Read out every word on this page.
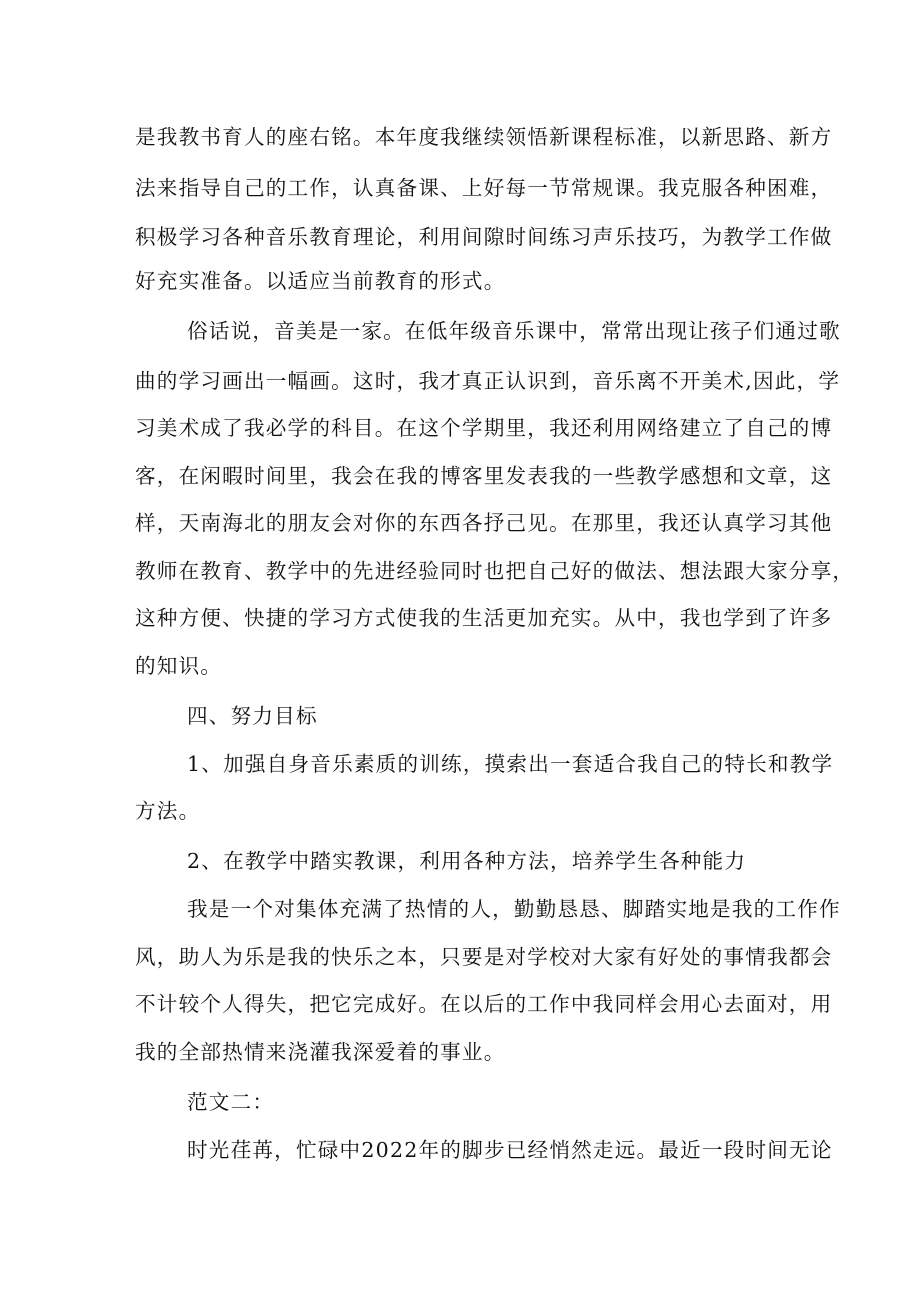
是我教书育人的座右铭。本年度我继续领悟新课程标准，以新思路、新方
法来指导自己的工作，认真备课、上好每一节常规课。我克服各种困难，
积极学习各种音乐教育理论，利用间隙时间练习声乐技巧，为教学工作做
好充实准备。以适应当前教育的形式。
俗话说，音美是一家。在低年级音乐课中，常常出现让孩子们通过歌
曲的学习画出一幅画。这时，我才真正认识到，音乐离不开美术,因此，学
习美术成了我必学的科目。在这个学期里，我还利用网络建立了自己的博
客，在闲暇时间里，我会在我的博客里发表我的一些教学感想和文章，这
样，天南海北的朋友会对你的东西各抒己见。在那里，我还认真学习其他
教师在教育、教学中的先进经验同时也把自己好的做法、想法跟大家分享，
这种方便、快捷的学习方式使我的生活更加充实。从中，我也学到了许多
的知识。
四、努力目标
1、加强自身音乐素质的训练，摸索出一套适合我自己的特长和教学
方法。
2、在教学中踏实教课，利用各种方法，培养学生各种能力
我是一个对集体充满了热情的人，勤勤恳恳、脚踏实地是我的工作作
风，助人为乐是我的快乐之本，只要是对学校对大家有好处的事情我都会
不计较个人得失，把它完成好。在以后的工作中我同样会用心去面对，用
我的全部热情来浇灌我深爱着的事业。
范文二：
时光荏苒，忙碌中2022年的脚步已经悄然走远。最近一段时间无论
